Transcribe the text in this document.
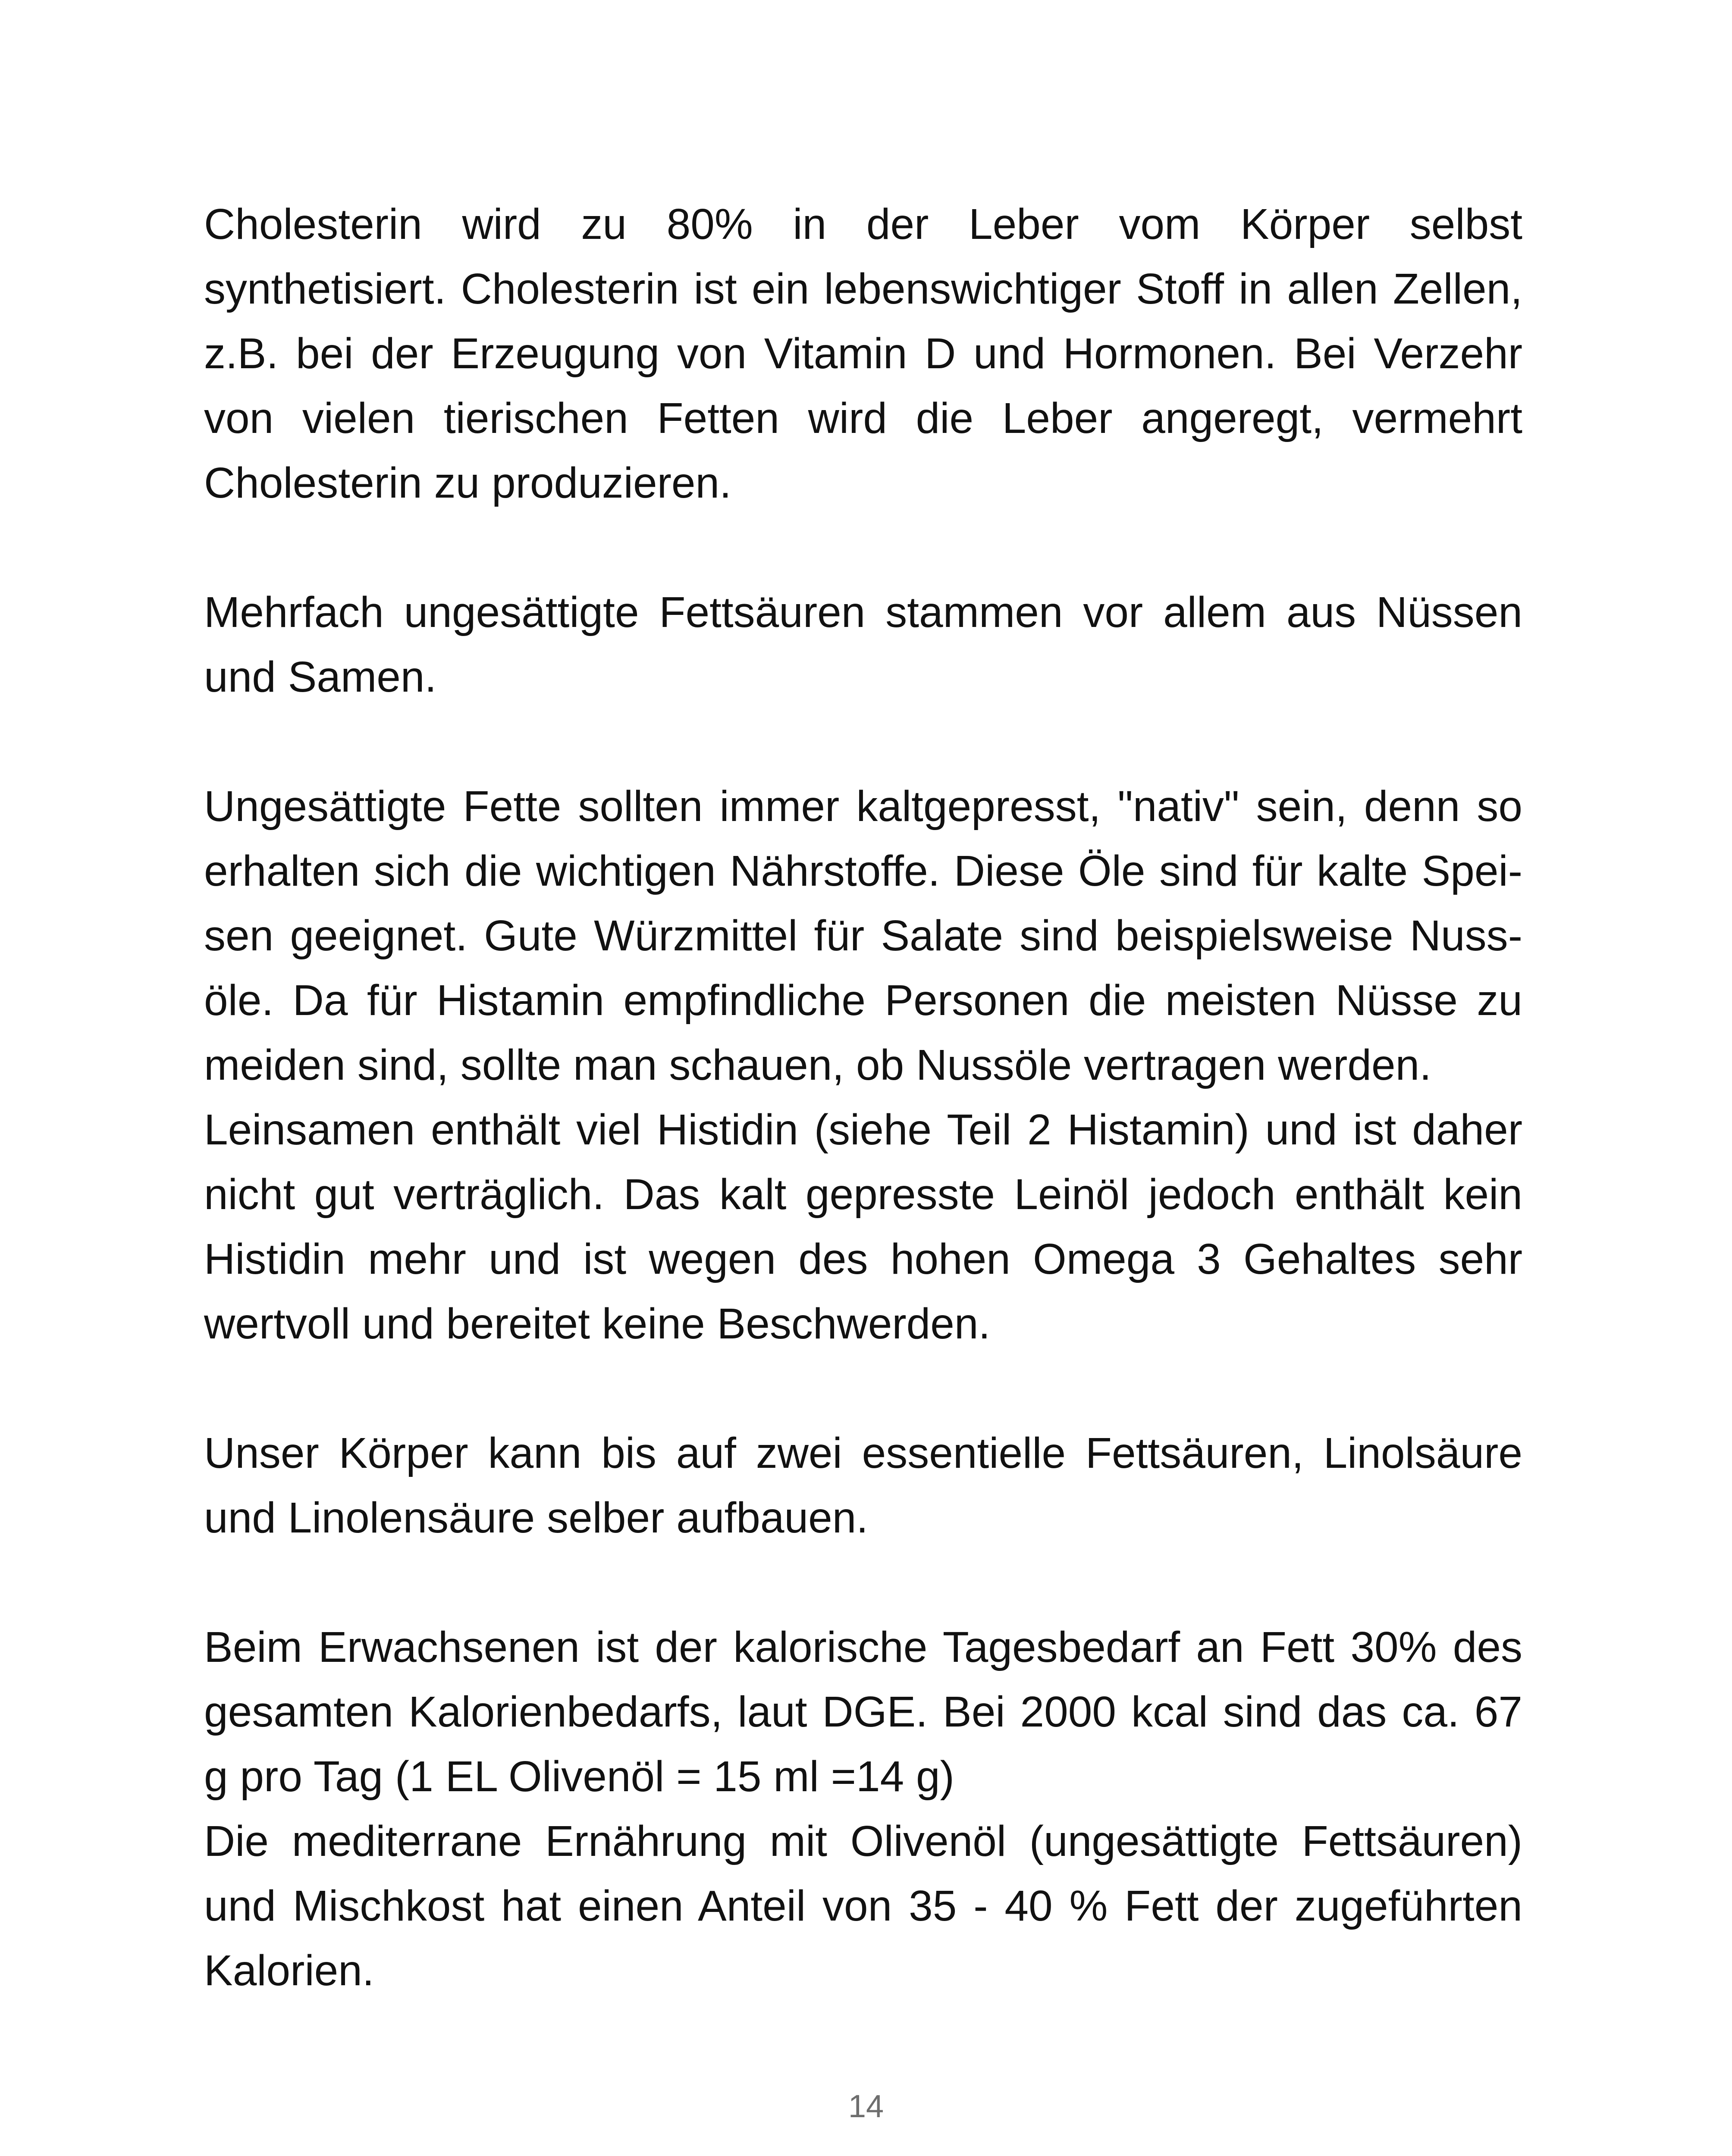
Cholesterin wird zu 80% in der Leber vom Körper selbst synthetisiert. Cholesterin ist ein lebenswichtiger Stoff in allen Zellen, z.B. bei der Erzeugung von Vitamin D und Hormonen. Bei Verzehr von vielen tierischen Fetten wird die Leber angeregt, vermehrt Cholesterin zu produzieren.

Mehrfach ungesättigte Fettsäuren stammen vor allem aus Nüssen und Samen.

Ungesättigte Fette sollten immer kaltgepresst, "nativ" sein, denn so erhalten sich die wichtigen Nährstoffe. Diese Öle sind für kalte Speisen geeignet. Gute Würzmittel für Salate sind beispielsweise Nussöle. Da für Histamin empfindliche Personen die meisten Nüsse zu meiden sind, sollte man schauen, ob Nussöle vertragen werden.

Leinsamen enthält viel Histidin (siehe Teil 2 Histamin) und ist daher nicht gut verträglich. Das kalt gepresste Leinöl jedoch enthält kein Histidin mehr und ist wegen des hohen Omega 3 Gehaltes sehr wertvoll und bereitet keine Beschwerden.

Unser Körper kann bis auf zwei essentielle Fettsäuren, Linolsäure und Linolensäure selber aufbauen.

Beim Erwachsenen ist der kalorische Tagesbedarf an Fett 30% des gesamten Kalorienbedarfs, laut DGE. Bei 2000 kcal sind das ca. 67 g pro Tag (1 EL Olivenöl = 15 ml =14 g)

Die mediterrane Ernährung mit Olivenöl (ungesättigte Fettsäuren) und Mischkost hat einen Anteil von 35 - 40 % Fett der zugeführten Kalorien.

14
